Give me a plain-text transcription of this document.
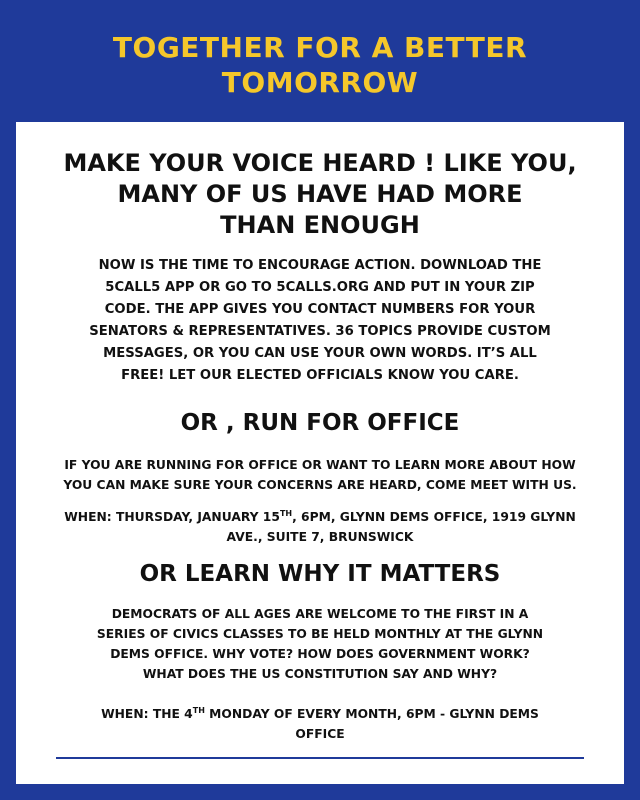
TOGETHER FOR A BETTER
TOMORROW
MAKE YOUR VOICE HEARD ! LIKE YOU,
MANY OF US HAVE HAD MORE
THAN ENOUGH
NOW IS THE TIME TO ENCOURAGE ACTION. DOWNLOAD THE
5CALL5 APP OR GO TO 5CALLS.ORG AND PUT IN YOUR ZIP
CODE. THE APP GIVES YOU CONTACT NUMBERS FOR YOUR
SENATORS & REPRESENTATIVES. 36 TOPICS PROVIDE CUSTOM
MESSAGES, OR YOU CAN USE YOUR OWN WORDS. IT’S ALL
FREE! LET OUR ELECTED OFFICIALS KNOW YOU CARE.
OR , RUN FOR OFFICE
IF YOU ARE RUNNING FOR OFFICE OR WANT TO LEARN MORE ABOUT HOW
YOU CAN MAKE SURE YOUR CONCERNS ARE HEARD, COME MEET WITH US.
WHEN: THURSDAY, JANUARY 15TH, 6PM, GLYNN DEMS OFFICE, 1919 GLYNN
AVE., SUITE 7, BRUNSWICK
OR LEARN WHY IT MATTERS
DEMOCRATS OF ALL AGES ARE WELCOME TO THE FIRST IN A
SERIES OF CIVICS CLASSES TO BE HELD MONTHLY AT THE GLYNN
DEMS OFFICE. WHY VOTE? HOW DOES GOVERNMENT WORK?
WHAT DOES THE US CONSTITUTION SAY AND WHY?
WHEN: THE 4TH MONDAY OF EVERY MONTH, 6PM - GLYNN DEMS
OFFICE
